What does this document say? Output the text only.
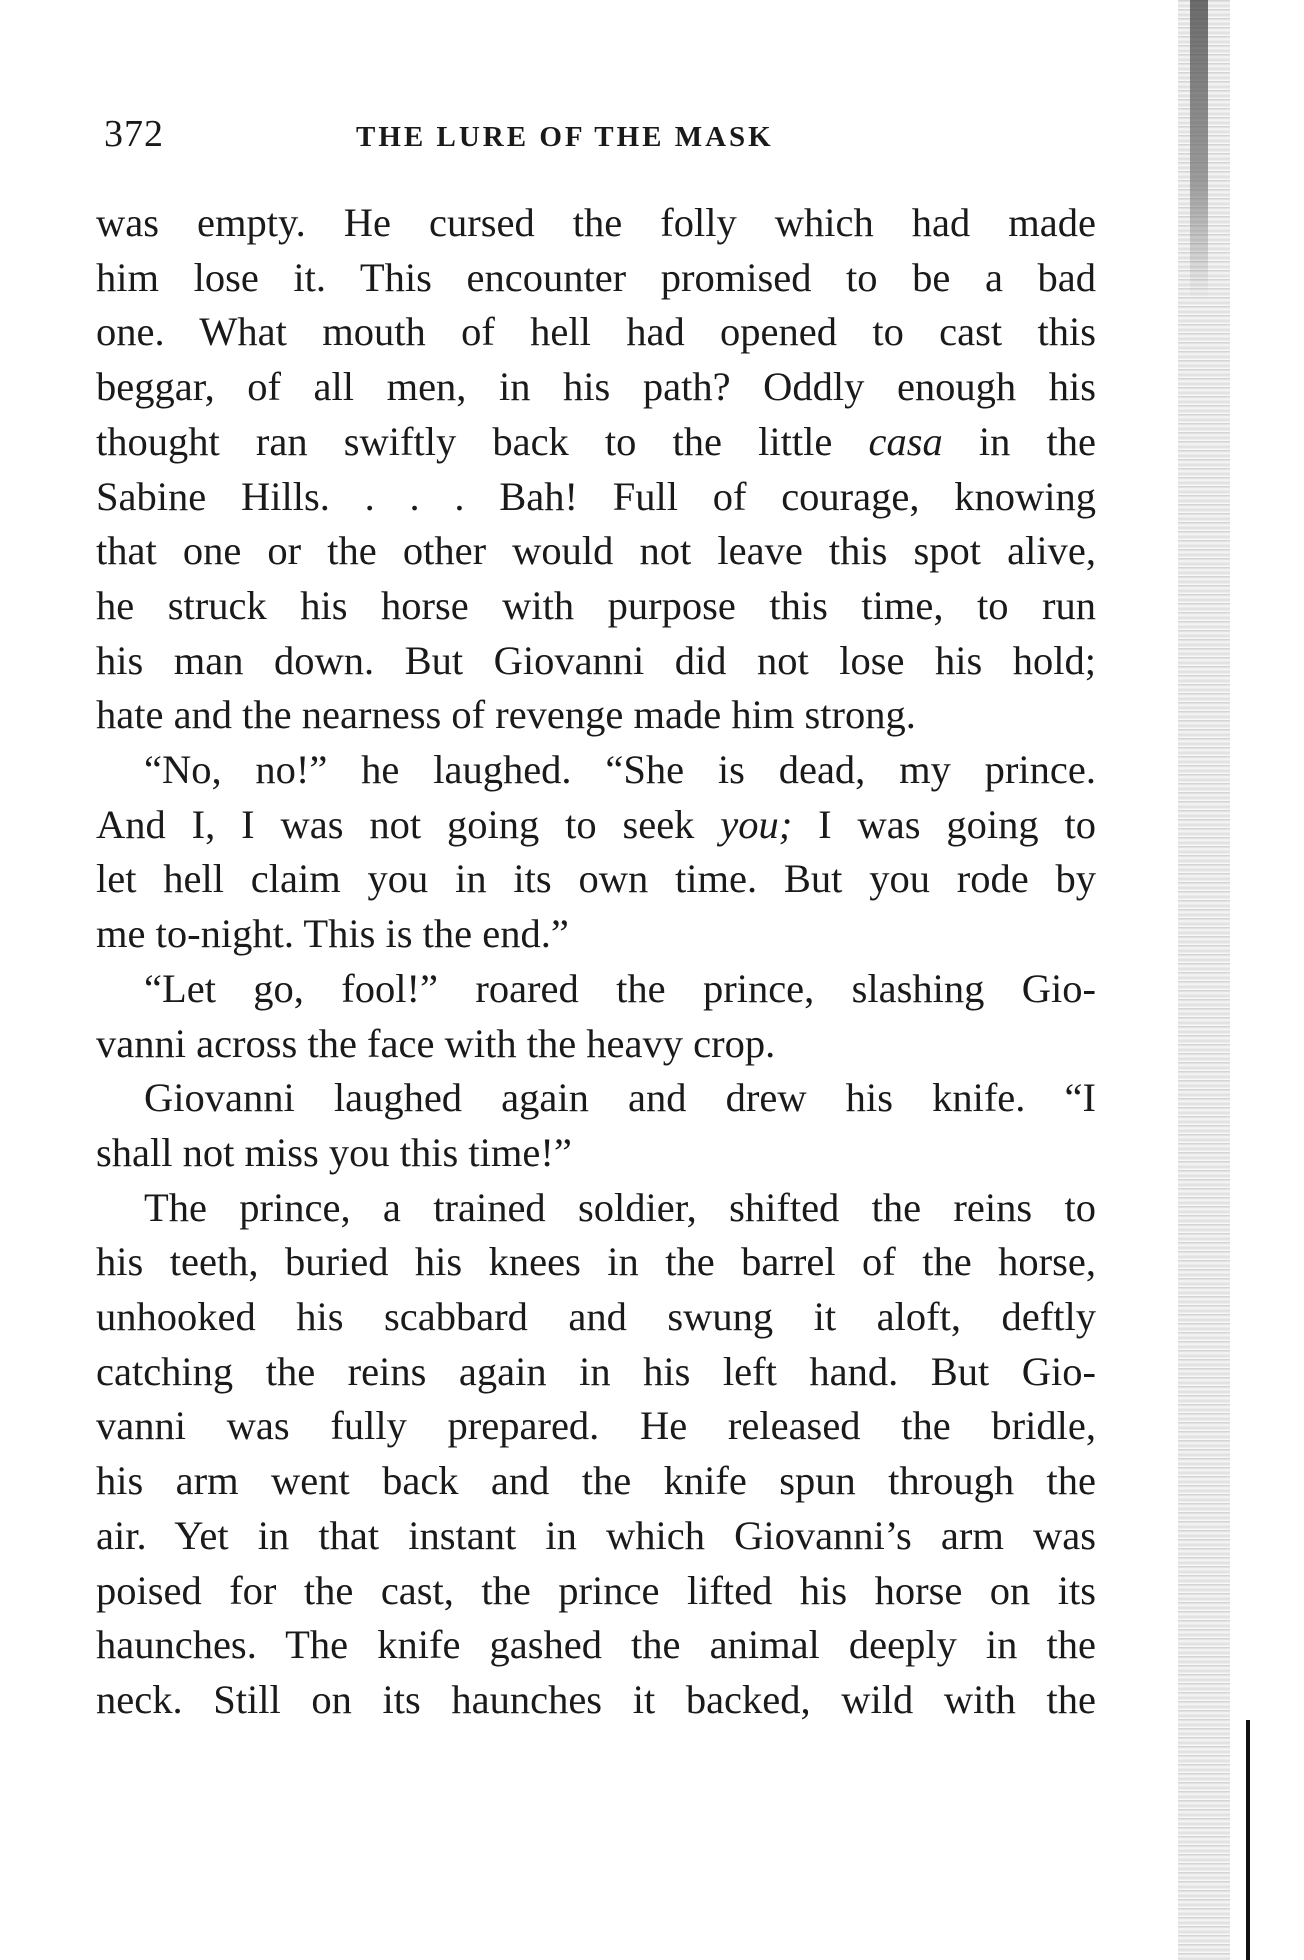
372	THE LURE OF THE MASK
was empty. He cursed the folly which had made
him lose it. This encounter promised to be a bad
one. What mouth of hell had opened to cast this
beggar, of all men, in his path? Oddly enough his
thought ran swiftly back to the little casa in the
Sabine Hills. . . . Bah! Full of courage, knowing
that one or the other would not leave this spot alive,
he struck his horse with purpose this time, to run
his man down. But Giovanni did not lose his hold;
hate and the nearness of revenge made him strong.
“No, no!” he laughed. “She is dead, my prince.
And I, I was not going to seek you; I was going to
let hell claim you in its own time. But you rode by
me to-night. This is the end.”
“Let go, fool!” roared the prince, slashing Gio-
vanni across the face with the heavy crop.
Giovanni laughed again and drew his knife. “I
shall not miss you this time!”
The prince, a trained soldier, shifted the reins to
his teeth, buried his knees in the barrel of the horse,
unhooked his scabbard and swung it aloft, deftly
catching the reins again in his left hand. But Gio-
vanni was fully prepared. He released the bridle,
his arm went back and the knife spun through the
air. Yet in that instant in which Giovanni’s arm was
poised for the cast, the prince lifted his horse on its
haunches. The knife gashed the animal deeply in the
neck. Still on its haunches it backed, wild with the
